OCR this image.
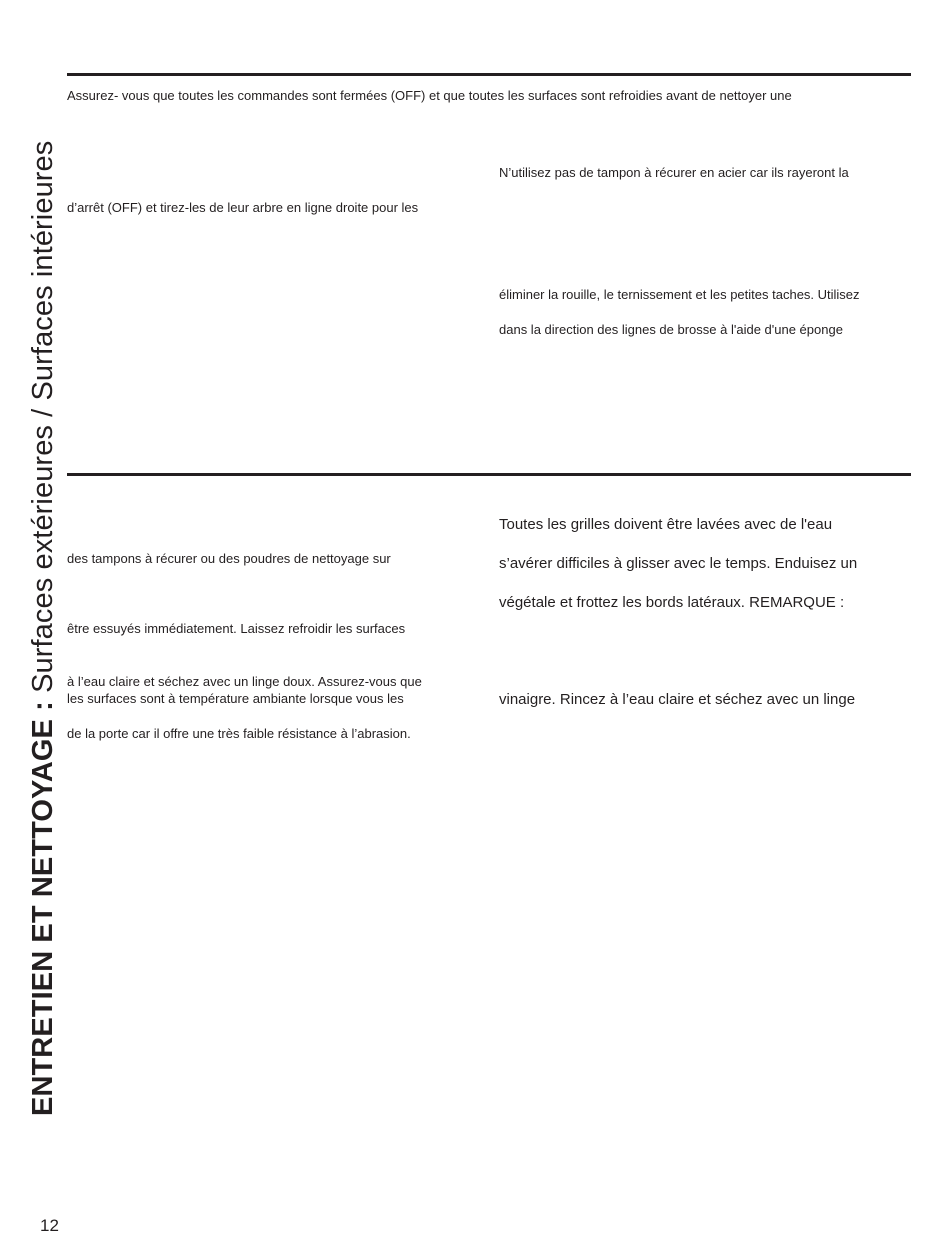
ENTRETIEN ET NETTOYAGE : Surfaces extérieures / Surfaces intérieures
Assurez- vous que toutes les commandes sont fermées (OFF) et que toutes les surfaces sont refroidies avant de nettoyer une
N’utilisez pas de tampon à récurer en acier car ils rayeront la
d’arrêt (OFF) et tirez-les de leur arbre en ligne droite pour les
éliminer la rouille, le ternissement et les petites taches. Utilisez
dans la direction des lignes de brosse à l'aide d'une éponge
Toutes les grilles doivent être lavées avec de l'eau
des tampons à récurer ou des poudres de nettoyage sur	s’avérer difficiles à glisser avec le temps. Enduisez un
végétale et frottez les bords latéraux. REMARQUE :
être essuyés immédiatement. Laissez refroidir les surfaces
à l’eau claire et séchez avec un linge doux. Assurez-vous que
les surfaces sont à température ambiante lorsque vous les	vinaigre. Rincez à l’eau claire et séchez avec un linge
de la porte car il offre une très faible résistance à l’abrasion.
12
